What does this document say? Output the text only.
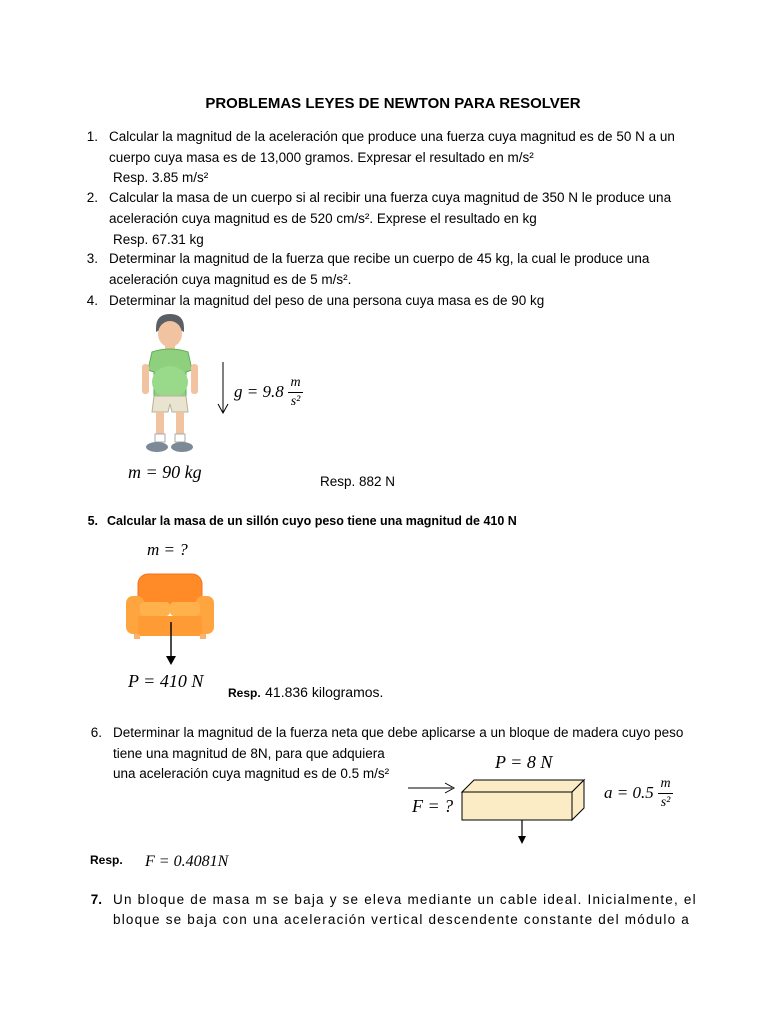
PROBLEMAS LEYES DE NEWTON PARA RESOLVER
1. Calcular la magnitud de la aceleración que produce una fuerza cuya magnitud es de 50 N a un
cuerpo cuya masa es de 13,000 gramos. Expresar el resultado en m/s²
Resp. 3.85 m/s²
2. Calcular la masa de un cuerpo si al recibir una fuerza cuya magnitud de 350 N le produce una
aceleración cuya magnitud es de 520 cm/s². Exprese el resultado en kg
Resp. 67.31 kg
3. Determinar la magnitud de la fuerza que recibe un cuerpo de 45 kg, la cual le produce una
aceleración cuya magnitud es de 5 m/s².
4. Determinar la magnitud del peso de una persona cuya masa es de 90 kg
$g = 9.8 \frac{m}{\text{s²}}$
m = 90 kg	Resp. 882 N
5. Calcular la masa de un sillón cuyo peso tiene una magnitud de 410 N
m = ?
P = 410 N
Resp. 41.836 kilogramos.
6. Determinar la magnitud de la fuerza neta que debe aplicarse a un bloque de madera cuyo peso
tiene una magnitud de 8N, para que adquiera
una aceleración cuya magnitud es de 0.5 m/s²
P = 8 N
F = ?
$a = 0.5 \frac{m}{\text{s²}}$
Resp. F = 0.4081N
7. Un bloque de masa m se baja y se eleva mediante un cable ideal. Inicialmente, el
bloque se baja con una aceleración vertical descendente constante del módulo a
